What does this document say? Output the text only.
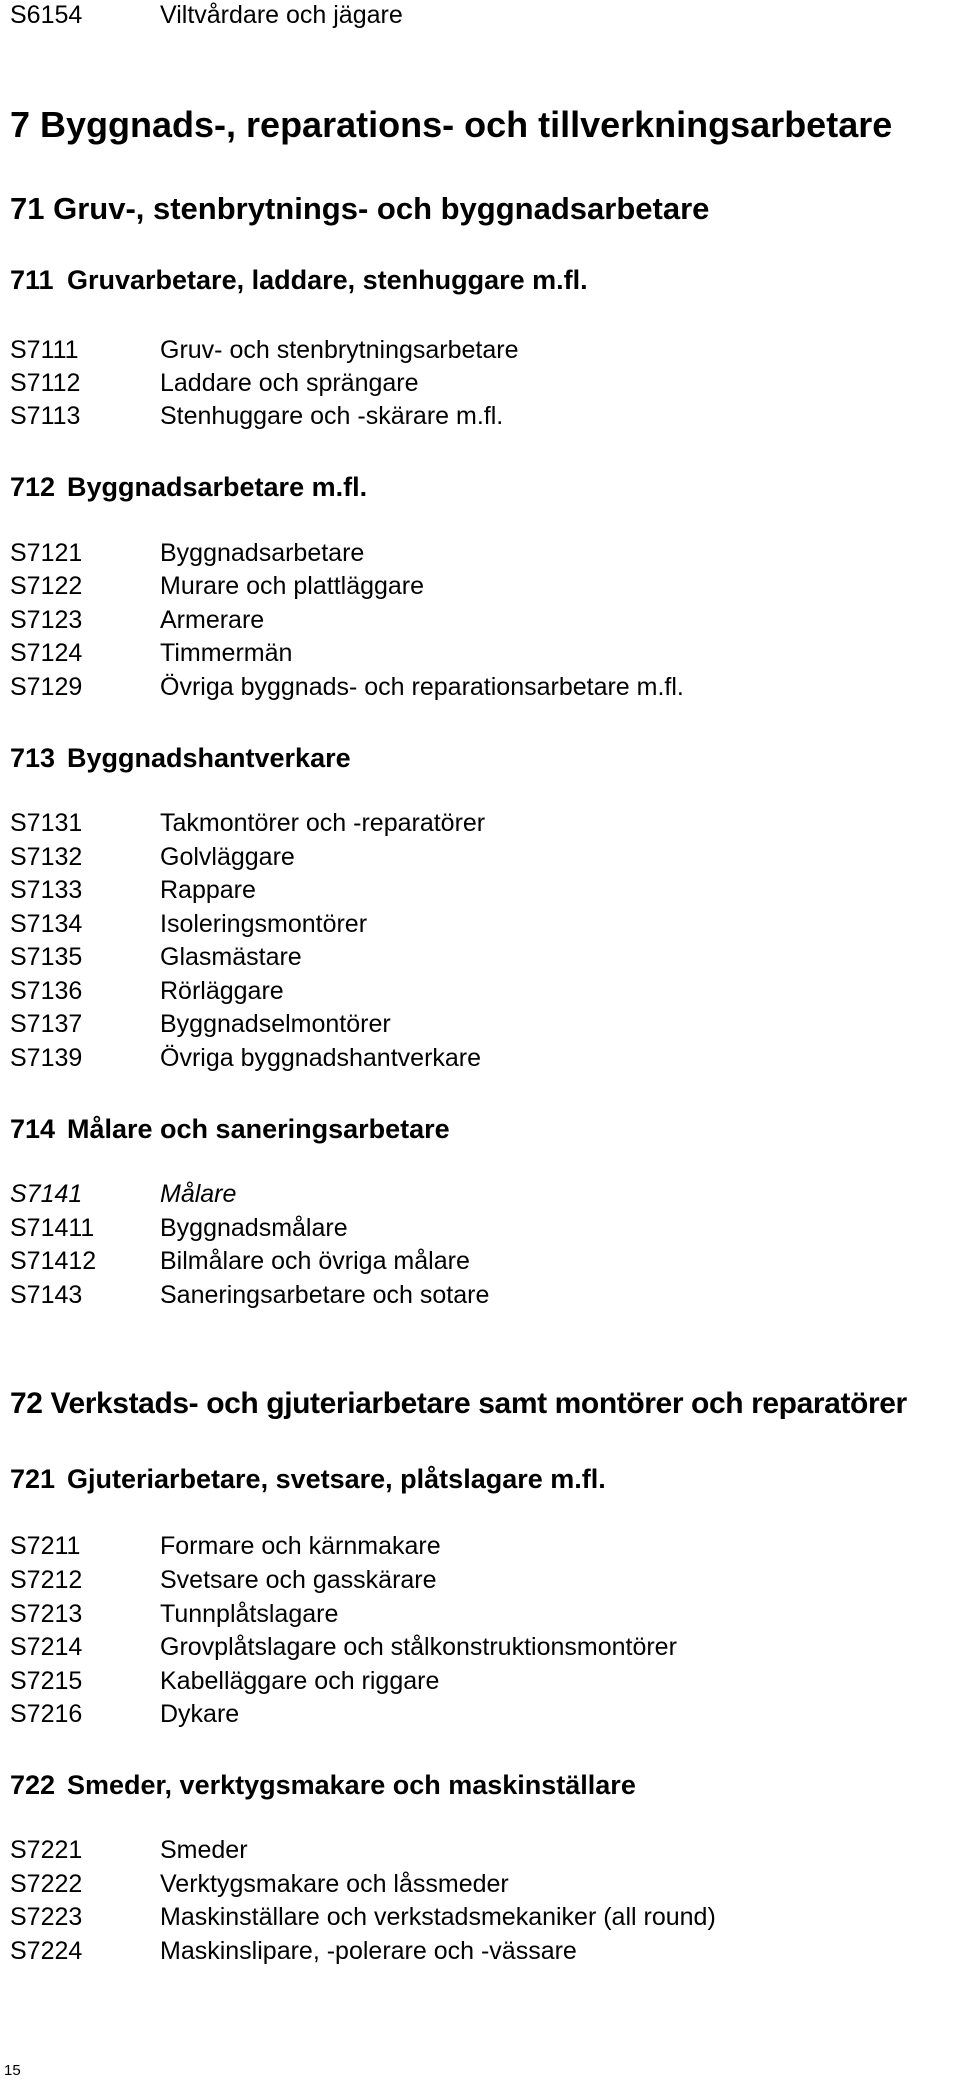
S6154	Viltvårdare och jägare
7 Byggnads-, reparations- och tillverkningsarbetare
71 Gruv-, stenbrytnings- och byggnadsarbetare
711 Gruvarbetare, laddare, stenhuggare m.fl.
S7111	Gruv- och stenbrytningsarbetare
S7112	Laddare och sprängare
S7113	Stenhuggare och -skärare m.fl.
712 Byggnadsarbetare m.fl.
S7121	Byggnadsarbetare
S7122	Murare och plattläggare
S7123	Armerare
S7124	Timmermän
S7129	Övriga byggnads- och reparationsarbetare m.fl.
713 Byggnadshantverkare
S7131	Takmontörer och -reparatörer
S7132	Golvläggare
S7133	Rappare
S7134	Isoleringsmontörer
S7135	Glasmästare
S7136	Rörläggare
S7137	Byggnadselmontörer
S7139	Övriga byggnadshantverkare
714 Målare och saneringsarbetare
S7141	Målare
S71411	Byggnadsmålare
S71412	Bilmålare och övriga målare
S7143	Saneringsarbetare och sotare
72 Verkstads- och gjuteriarbetare samt montörer och reparatörer
721 Gjuteriarbetare, svetsare, plåtslagare m.fl.
S7211	Formare och kärnmakare
S7212	Svetsare och gasskärare
S7213	Tunnplåtslagare
S7214	Grovplåtslagare och stålkonstruktionsmontörer
S7215	Kabelläggare och riggare
S7216	Dykare
722 Smeder, verktygsmakare och maskinställare
S7221	Smeder
S7222	Verktygsmakare och låssmeder
S7223	Maskinställare och verkstadsmekaniker (all round)
S7224	Maskinslipare, -polerare och -vässare
15
